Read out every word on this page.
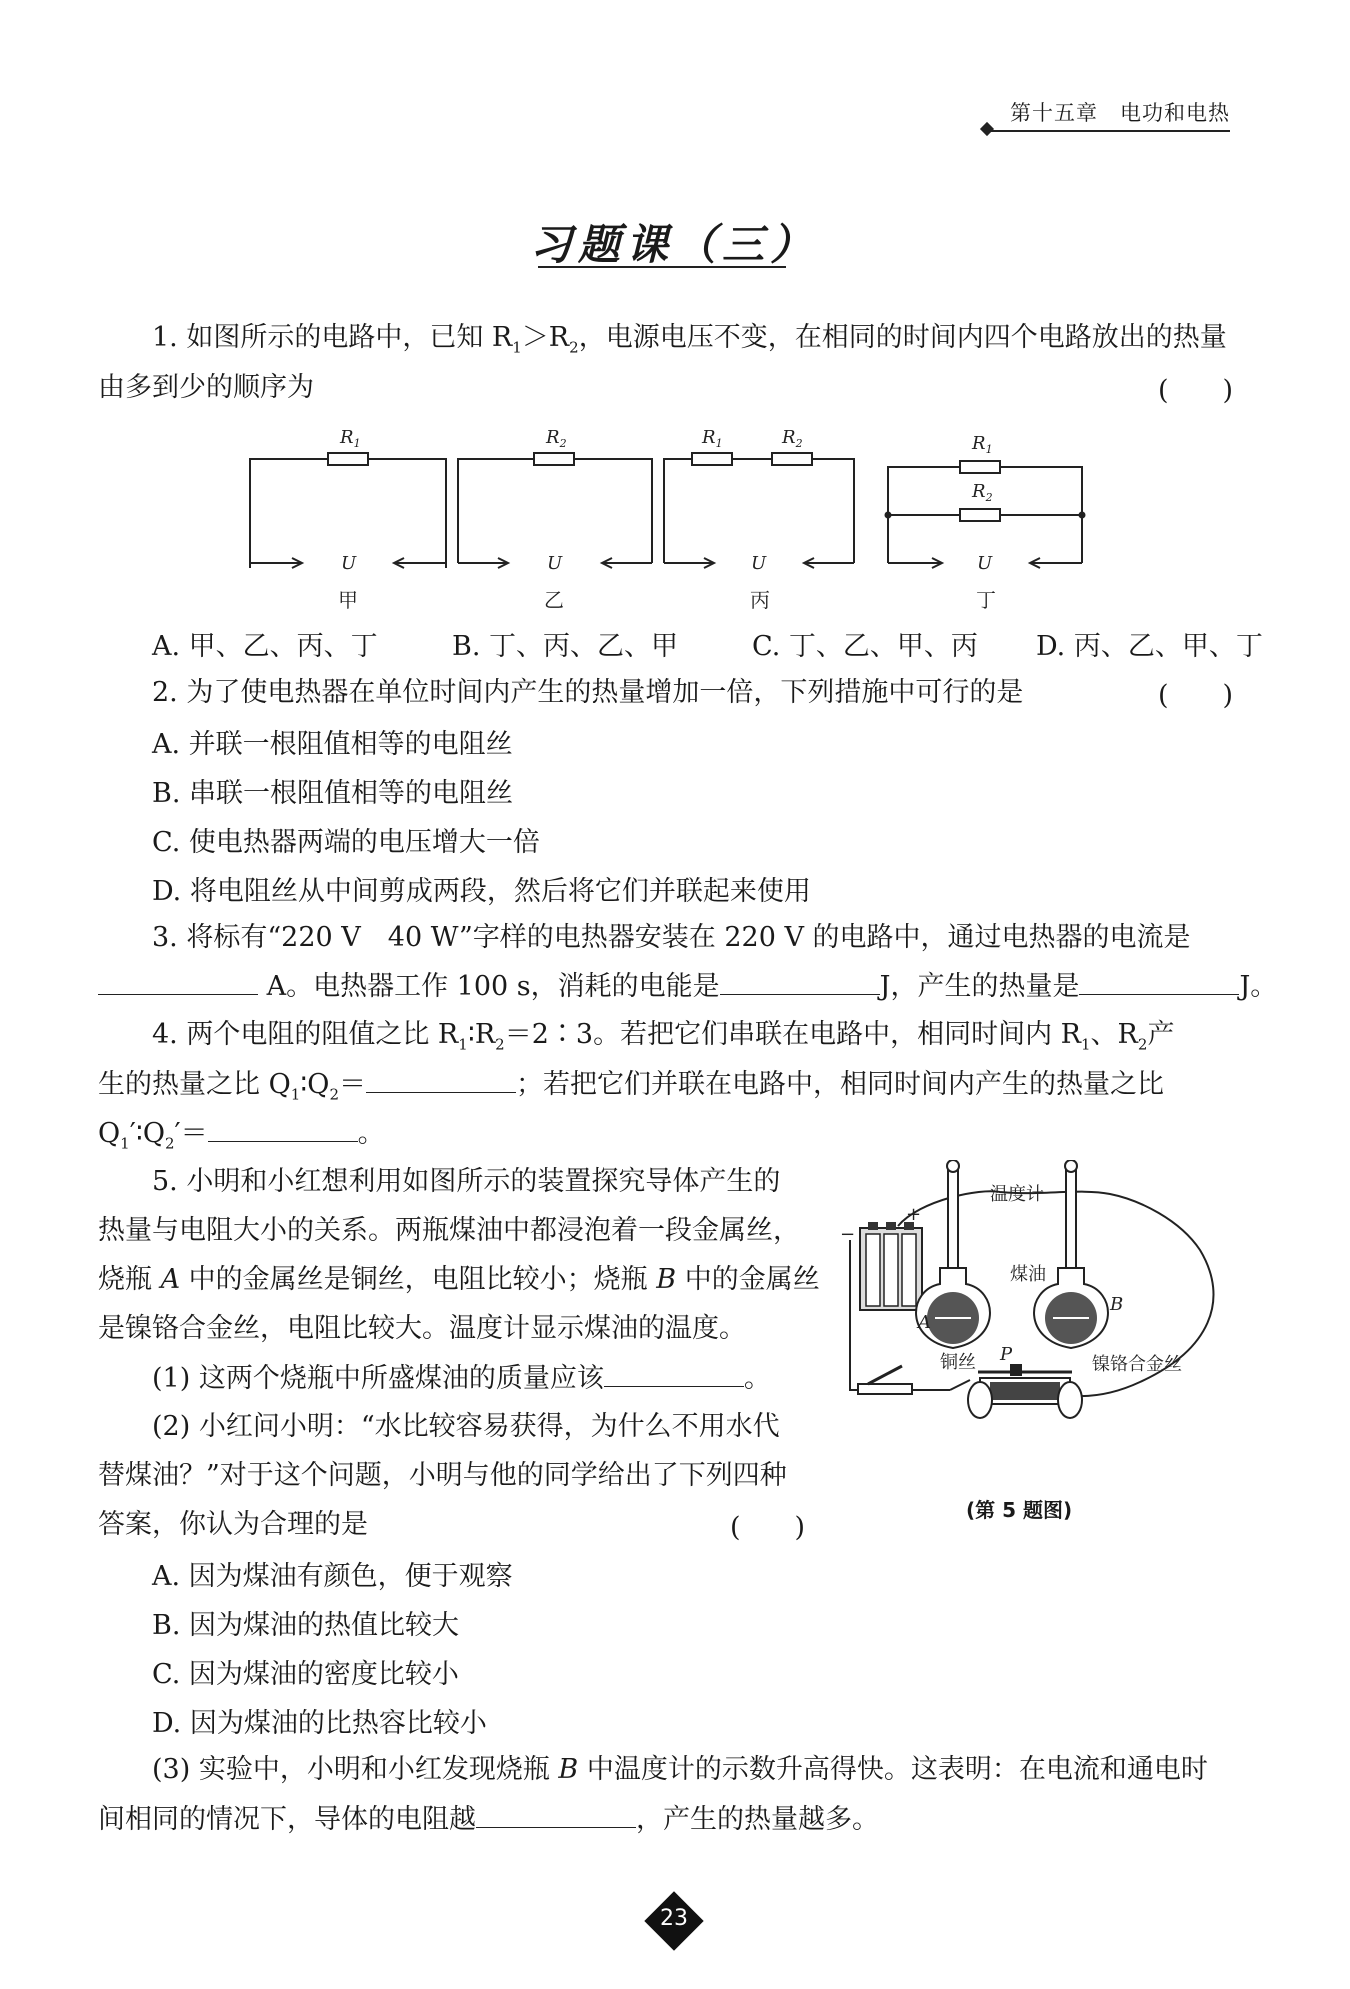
第十五章　电功和电热
习题课（三）
1. 如图所示的电路中，已知 $R_1>R_2$，电源电压不变，在相同的时间内四个电路放出的热量
由多到少的顺序为	(　　)
$R_1$	$R_2$	$R_1$	$R_2$	$R_1$
$R_2$
U	U	U	U
甲	乙	丙	丁
A. 甲、乙、丙、丁	B. 丁、丙、乙、甲	C. 丁、乙、甲、丙 D. 丙、乙、甲、丁
2. 为了使电热器在单位时间内产生的热量增加一倍，下列措施中可行的是	(　　)
A. 并联一根阻值相等的电阻丝
B. 串联一根阻值相等的电阻丝
C. 使电热器两端的电压增大一倍
D. 将电阻丝从中间剪成两段，然后将它们并联起来使用
3. 将标有“220 V　40 W”字样的电热器安装在 220 V 的电路中，通过电热器的电流是
A。电热器工作 100 s，消耗的电能是	J，产生的热量是	J。
4. 两个电阻的阻值之比 $R_1∶R_2=2∶3$。若把它们串联在电路中，相同时间内 $R_1$、$R_2$产
生的热量之比 $Q_1∶Q_2=$	；若把它们并联在电路中，相同时间内产生的热量之比
$Q_1'∶Q_2'=$	。
5. 小明和小红想利用如图所示的装置探究导体产生的
热量与电阻大小的关系。两瓶煤油中都浸泡着一段金属丝，
烧瓶 A 中的金属丝是铜丝，电阻比较小；烧瓶 B 中的金属丝
是镍铬合金丝，电阻比较大。温度计显示煤油的温度。
(1) 这两个烧瓶中所盛煤油的质量应该	。
(2) 小红问小明：“水比较容易获得，为什么不用水代
替煤油？”对于这个问题，小明与他的同学给出了下列四种
答案，你认为合理的是	(　　)
A. 因为煤油有颜色，便于观察
B. 因为煤油的热值比较大
C. 因为煤油的密度比较小
D. 因为煤油的比热容比较小
(3) 实验中，小明和小红发现烧瓶 B 中温度计的示数升高得快。这表明：在电流和通电时
间相同的情况下，导体的电阻越	，产生的热量越多。
温度计
煤油
铜丝	镍铬合金丝
A
B
+
−
P
(第 5 题图)
23
